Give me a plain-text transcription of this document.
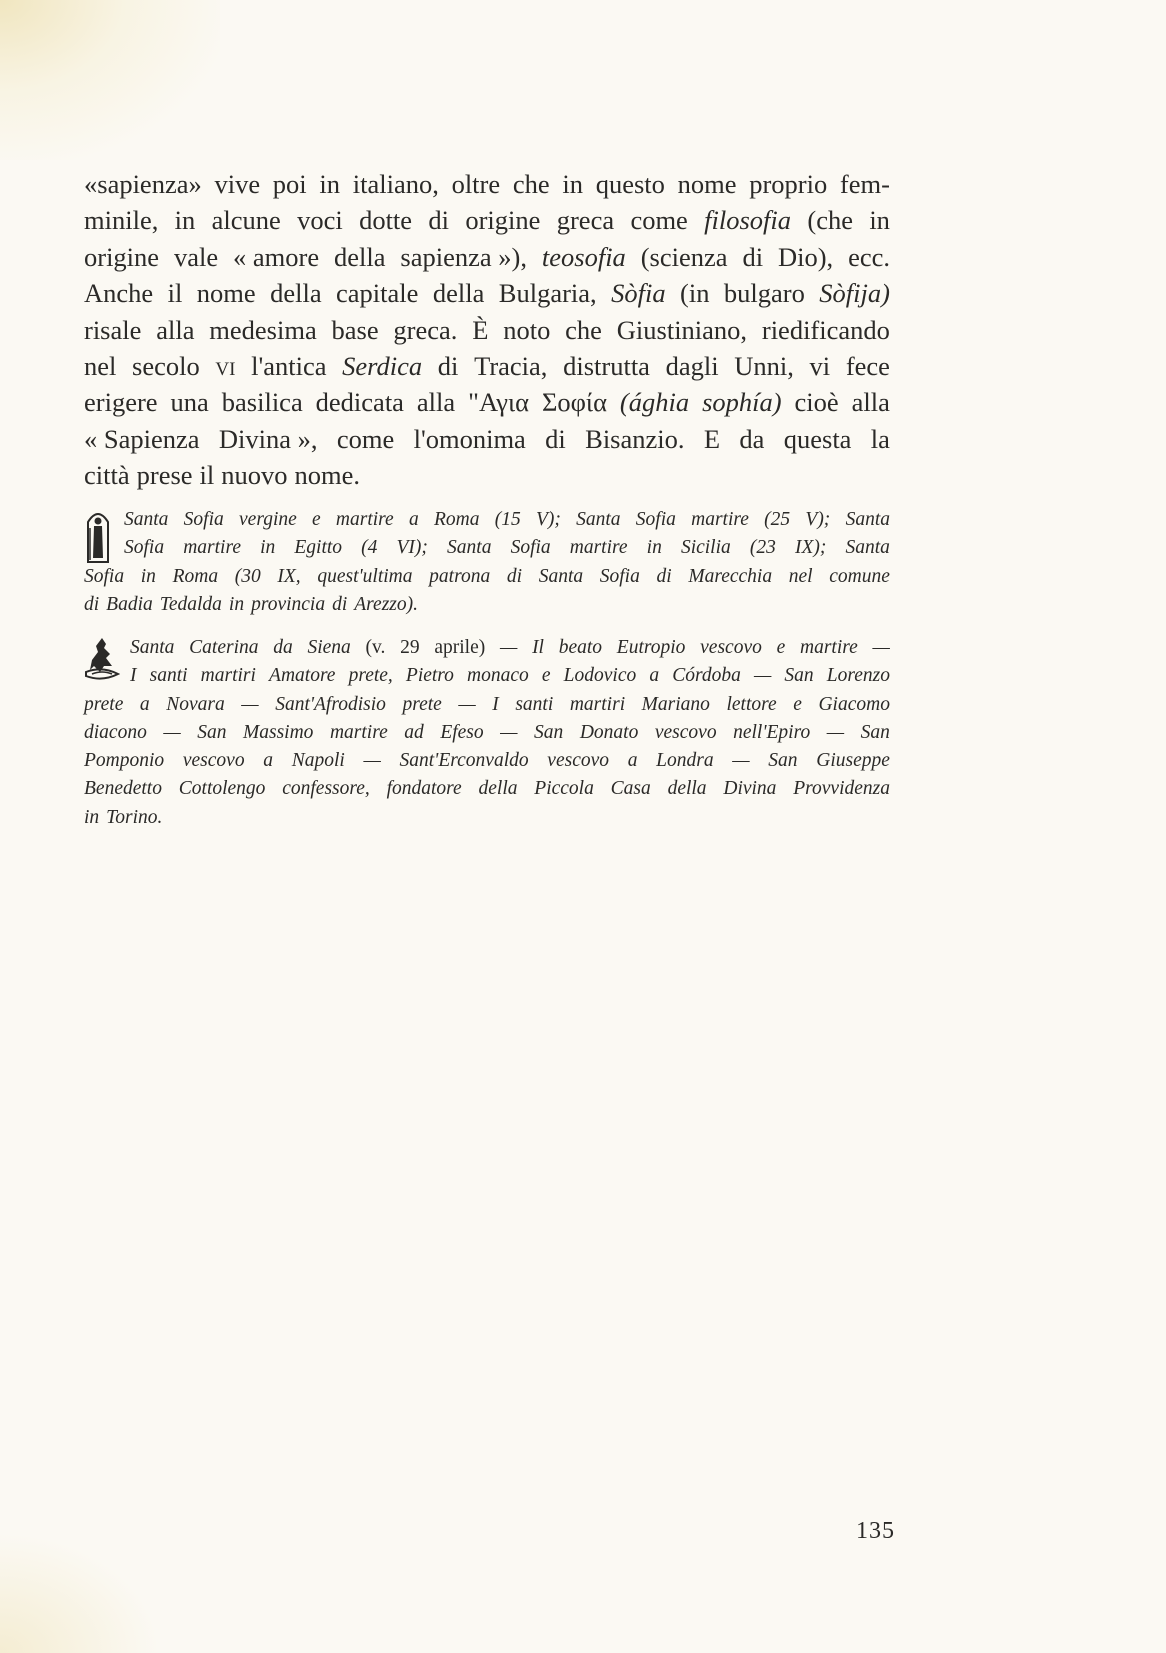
«sapienza» vive poi in italiano, oltre che in questo nome proprio fem-
minile, in alcune voci dotte di origine greca come filosofia (che in
origine vale « amore della sapienza »), teosofia (scienza di Dio), ecc.
Anche il nome della capitale della Bulgaria, Sòfia (in bulgaro Sòfija)
risale alla medesima base greca. È noto che Giustiniano, riedificando
nel secolo vi l'antica Serdica di Tracia, distrutta dagli Unni, vi fece
erigere una basilica dedicata alla "Αγια Σοφία (ághia sophía) cioè alla
« Sapienza Divina », come l'omonima di Bisanzio. E da questa la
città prese il nuovo nome.
Santa Sofia vergine e martire a Roma (15 V); Santa Sofia martire (25 V); Santa
Sofia martire in Egitto (4 VI); Santa Sofia martire in Sicilia (23 IX); Santa
Sofia in Roma (30 IX, quest'ultima patrona di Santa Sofia di Marecchia nel comune
di Badia Tedalda in provincia di Arezzo).
Santa Caterina da Siena (v. 29 aprile) — Il beato Eutropio vescovo e martire —
I santi martiri Amatore prete, Pietro monaco e Lodovico a Córdoba — San Lorenzo
prete a Novara — Sant'Afrodisio prete — I santi martiri Mariano lettore e Giacomo
diacono — San Massimo martire ad Efeso — San Donato vescovo nell'Epiro — San
Pomponio vescovo a Napoli — Sant'Erconvaldo vescovo a Londra — San Giuseppe
Benedetto Cottolengo confessore, fondatore della Piccola Casa della Divina Provvidenza
in Torino.
135
